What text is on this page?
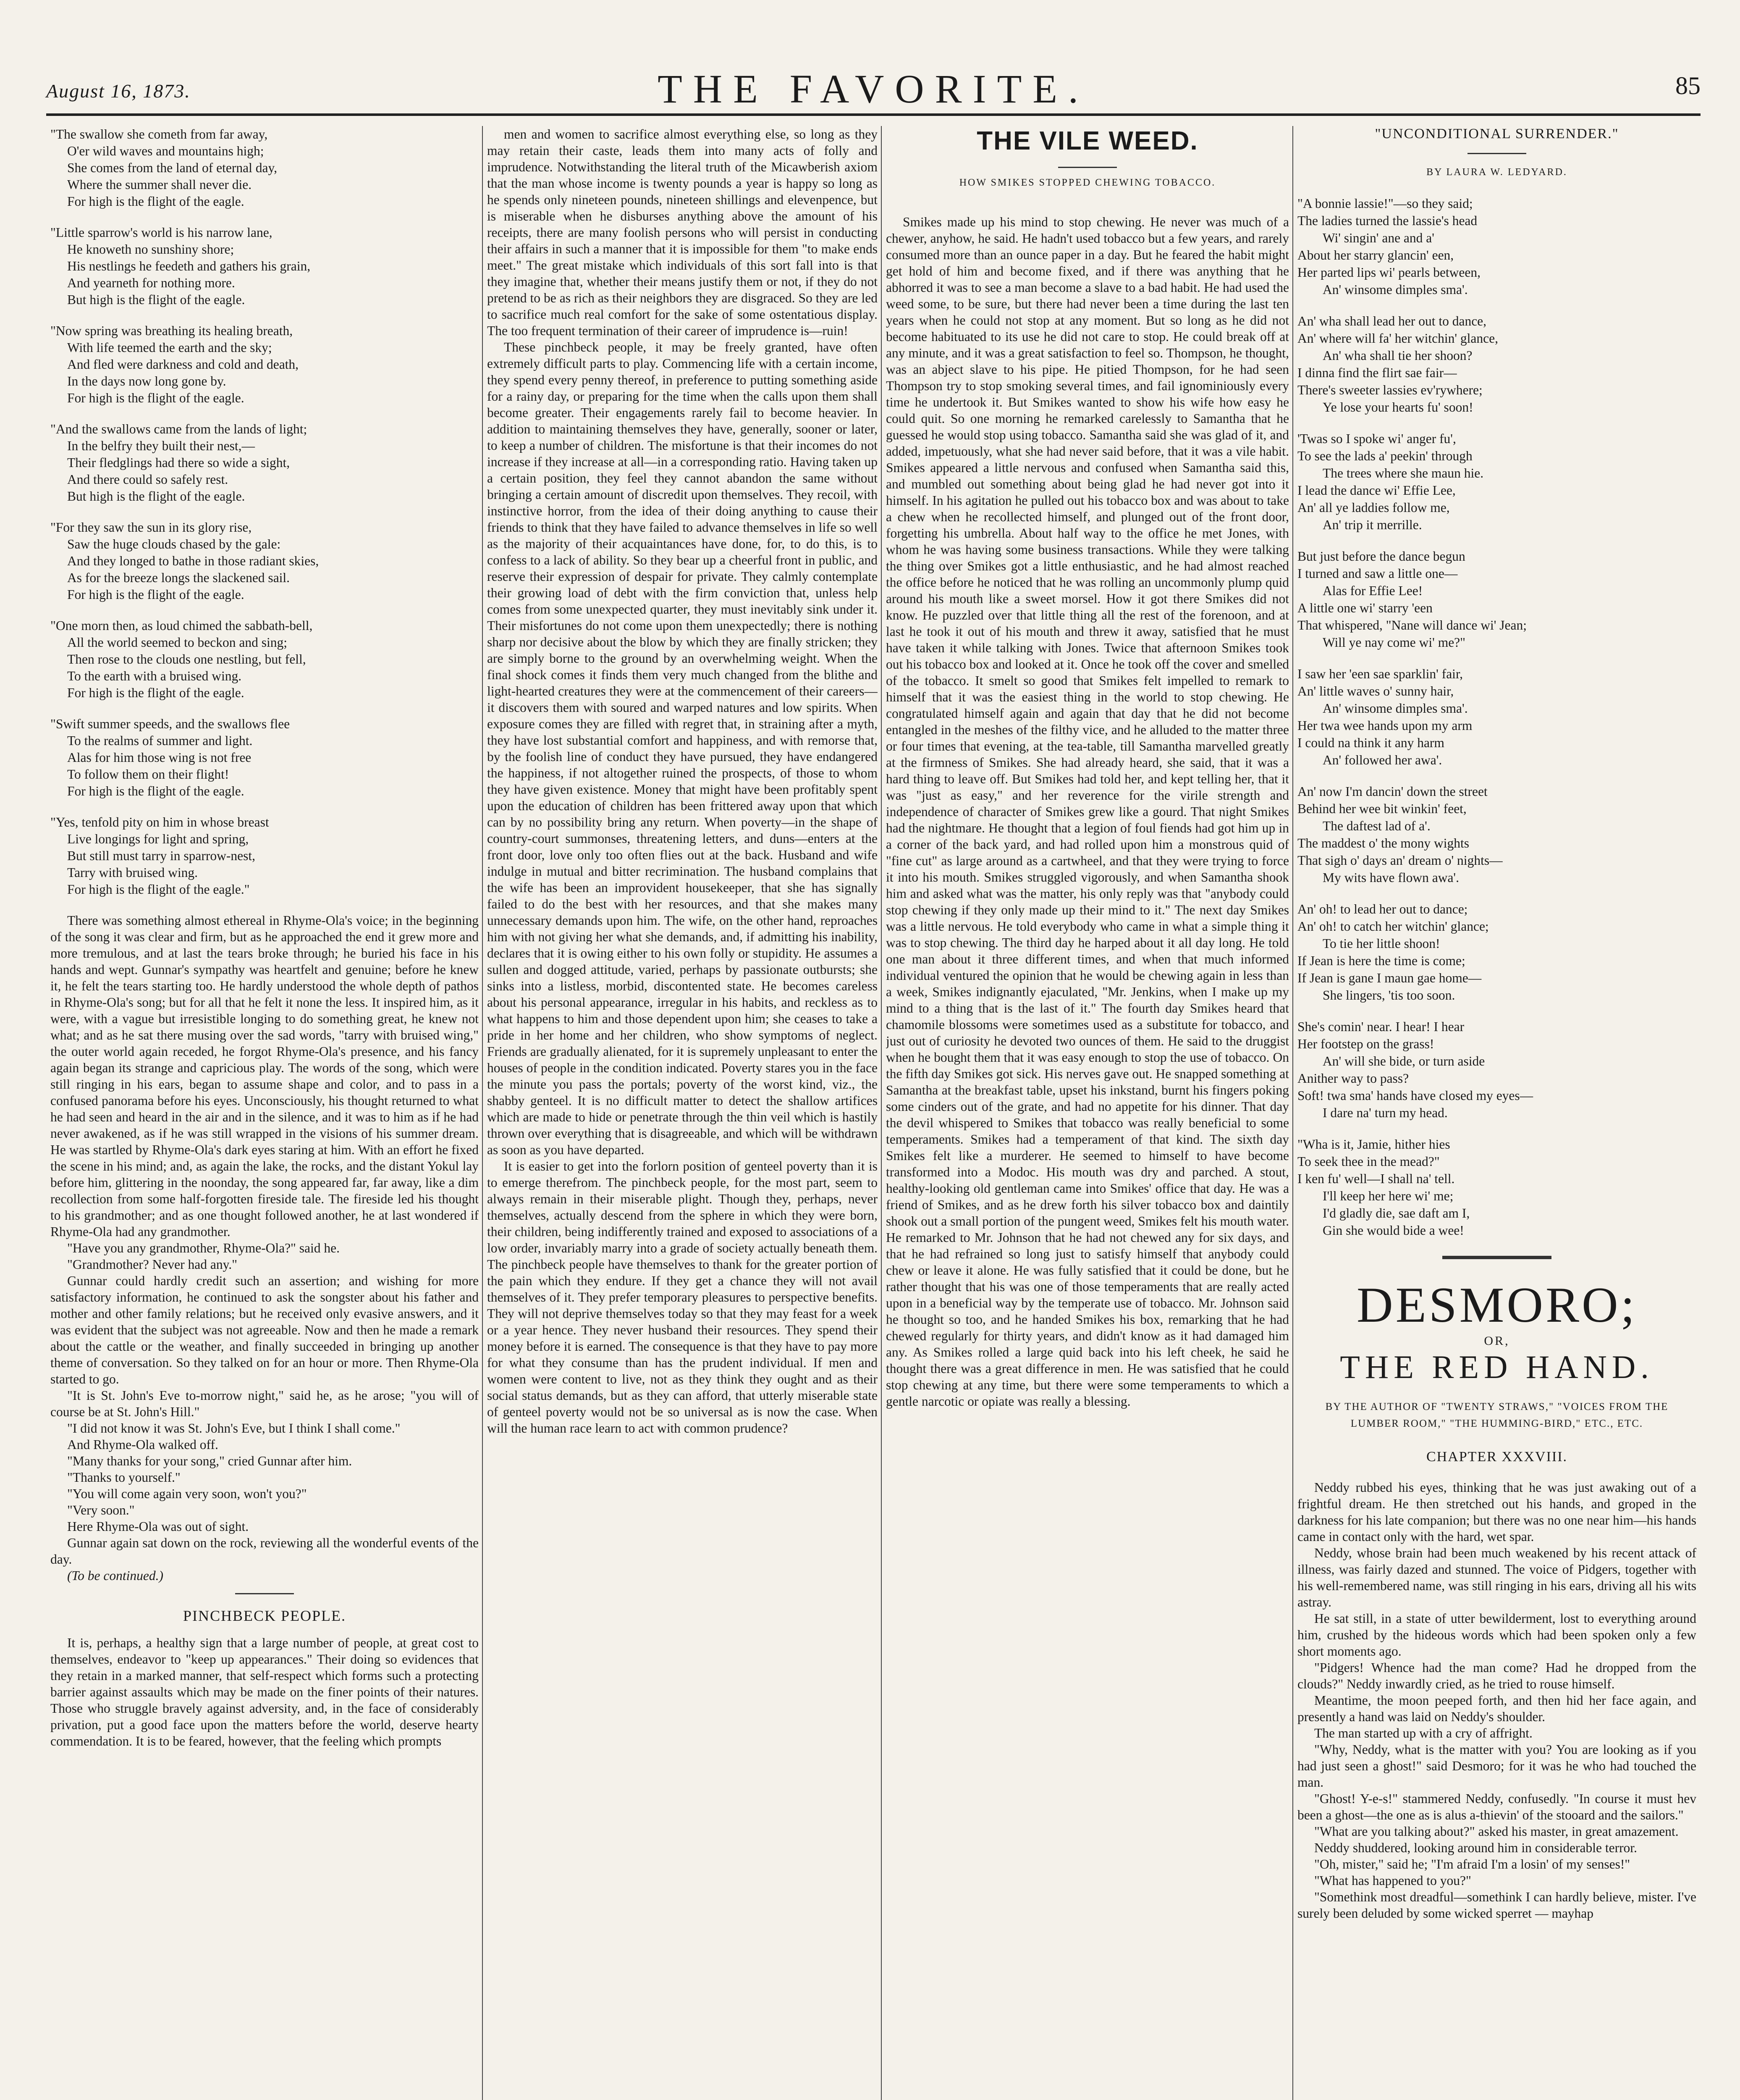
August 16, 1873.	THE FAVORITE.	85
"The swallow she cometh from far away,
O'er wild waves and mountains high;
She comes from the land of eternal day,
Where the summer shall never die.
For high is the flight of the eagle.
"Little sparrow's world is his narrow lane,
He knoweth no sunshiny shore;
His nestlings he feedeth and gathers his grain,
And yearneth for nothing more.
But high is the flight of the eagle.
"Now spring was breathing its healing breath,
With life teemed the earth and the sky;
And fled were darkness and cold and death,
In the days now long gone by.
For high is the flight of the eagle.
"And the swallows came from the lands of light;
In the belfry they built their nest,—
Their fledglings had there so wide a sight,
And there could so safely rest.
But high is the flight of the eagle.
"For they saw the sun in its glory rise,
Saw the huge clouds chased by the gale:
And they longed to bathe in those radiant skies,
As for the breeze longs the slackened sail.
For high is the flight of the eagle.
"One morn then, as loud chimed the sabbath-bell,
All the world seemed to beckon and sing;
Then rose to the clouds one nestling, but fell,
To the earth with a bruised wing.
For high is the flight of the eagle.
"Swift summer speeds, and the swallows flee
To the realms of summer and light.
Alas for him those wing is not free
To follow them on their flight!
For high is the flight of the eagle.
"Yes, tenfold pity on him in whose breast
Live longings for light and spring,
But still must tarry in sparrow-nest,
Tarry with bruised wing.
For high is the flight of the eagle."

There was something almost ethereal in Rhyme-Ola's voice; in the beginning of the song it was clear and firm, but as he approached the end it grew more and more tremulous, and at last the tears broke through; he buried his face in his hands and wept. Gunnar's sympathy was heartfelt and genuine; before he knew it, he felt the tears starting too. He hardly understood the whole depth of pathos in Rhyme-Ola's song; but for all that he felt it none the less. It inspired him, as it were, with a vague but irresistible longing to do something great, he knew not what; and as he sat there musing over the sad words, "tarry with bruised wing," the outer world again receded, he forgot Rhyme-Ola's presence, and his fancy again began its strange and capricious play. The words of the song, which were still ringing in his ears, began to assume shape and color, and to pass in a confused panorama before his eyes. Unconsciously, his thought returned to what he had seen and heard in the air and in the silence, and it was to him as if he had never awakened, as if he was still wrapped in the visions of his summer dream. He was startled by Rhyme-Ola's dark eyes staring at him. With an effort he fixed the scene in his mind; and, as again the lake, the rocks, and the distant Yokul lay before him, glittering in the noonday, the song appeared far, far away, like a dim recollection from some half-forgotten fireside tale. The fireside led his thought to his grandmother; and as one thought followed another, he at last wondered if Rhyme-Ola had any grandmother.

"Have you any grandmother, Rhyme-Ola?" said he.

"Grandmother? Never had any."

Gunnar could hardly credit such an assertion; and wishing for more satisfactory information, he continued to ask the songster about his father and mother and other family relations; but he received only evasive answers, and it was evident that the subject was not agreeable. Now and then he made a remark about the cattle or the weather, and finally succeeded in bringing up another theme of conversation. So they talked on for an hour or more. Then Rhyme-Ola started to go.

"It is St. John's Eve to-morrow night," said he, as he arose; "you will of course be at St. John's Hill."

"I did not know it was St. John's Eve, but I think I shall come."

And Rhyme-Ola walked off.

"Many thanks for your song," cried Gunnar after him.

"Thanks to yourself."

"You will come again very soon, won't you?"

"Very soon."

Here Rhyme-Ola was out of sight.

Gunnar again sat down on the rock, reviewing all the wonderful events of the day.

(To be continued.)

PINCHBECK PEOPLE.

It is, perhaps, a healthy sign that a large number of people, at great cost to themselves, endeavor to "keep up appearances." Their doing so evidences that they retain in a marked manner, that self-respect which forms such a protecting barrier against assaults which may be made on the finer points of their natures. Those who struggle bravely against adversity, and, in the face of considerably privation, put a good face upon the matters before the world, deserve hearty commendation. It is to be feared, however, that the feeling which prompts

men and women to sacrifice almost everything else, so long as they may retain their caste, leads them into many acts of folly and imprudence. Notwithstanding the literal truth of the Micawberish axiom that the man whose income is twenty pounds a year is happy so long as he spends only nineteen pounds, nineteen shillings and elevenpence, but is miserable when he disburses anything above the amount of his receipts, there are many foolish persons who will persist in conducting their affairs in such a manner that it is impossible for them "to make ends meet." The great mistake which individuals of this sort fall into is that they imagine that, whether their means justify them or not, if they do not pretend to be as rich as their neighbors they are disgraced. So they are led to sacrifice much real comfort for the sake of some ostentatious display. The too frequent termination of their career of imprudence is—ruin!

These pinchbeck people, it may be freely granted, have often extremely difficult parts to play. Commencing life with a certain income, they spend every penny thereof, in preference to putting something aside for a rainy day, or preparing for the time when the calls upon them shall become greater. Their engagements rarely fail to become heavier. In addition to maintaining themselves they have, generally, sooner or later, to keep a number of children. The misfortune is that their incomes do not increase if they increase at all—in a corresponding ratio. Having taken up a certain position, they feel they cannot abandon the same without bringing a certain amount of discredit upon themselves. They recoil, with instinctive horror, from the idea of their doing anything to cause their friends to think that they have failed to advance themselves in life so well as the majority of their acquaintances have done, for, to do this, is to confess to a lack of ability. So they bear up a cheerful front in public, and reserve their expression of despair for private. They calmly contemplate their growing load of debt with the firm conviction that, unless help comes from some unexpected quarter, they must inevitably sink under it. Their misfortunes do not come upon them unexpectedly; there is nothing sharp nor decisive about the blow by which they are finally stricken; they are simply borne to the ground by an overwhelming weight. When the final shock comes it finds them very much changed from the blithe and light-hearted creatures they were at the commencement of their careers—it discovers them with soured and warped natures and low spirits. When exposure comes they are filled with regret that, in straining after a myth, they have lost substantial comfort and happiness, and with remorse that, by the foolish line of conduct they have pursued, they have endangered the happiness, if not altogether ruined the prospects, of those to whom they have given existence. Money that might have been profitably spent upon the education of children has been frittered away upon that which can by no possibility bring any return. When poverty—in the shape of country-court summonses, threatening letters, and duns—enters at the front door, love only too often flies out at the back. Husband and wife indulge in mutual and bitter recrimination. The husband complains that the wife has been an improvident housekeeper, that she has signally failed to do the best with her resources, and that she makes many unnecessary demands upon him. The wife, on the other hand, reproaches him with not giving her what she demands, and, if admitting his inability, declares that it is owing either to his own folly or stupidity. He assumes a sullen and dogged attitude, varied, perhaps by passionate outbursts; she sinks into a listless, morbid, discontented state. He becomes careless about his personal appearance, irregular in his habits, and reckless as to what happens to him and those dependent upon him; she ceases to take a pride in her home and her children, who show symptoms of neglect. Friends are gradually alienated, for it is supremely unpleasant to enter the houses of people in the condition indicated. Poverty stares you in the face the minute you pass the portals; poverty of the worst kind, viz., the shabby genteel. It is no difficult matter to detect the shallow artifices which are made to hide or penetrate through the thin veil which is hastily thrown over everything that is disagreeable, and which will be withdrawn as soon as you have departed.

It is easier to get into the forlorn position of genteel poverty than it is to emerge therefrom. The pinchbeck people, for the most part, seem to always remain in their miserable plight. Though they, perhaps, never themselves, actually descend from the sphere in which they were born, their children, being indifferently trained and exposed to associations of a low order, invariably marry into a grade of society actually beneath them. The pinchbeck people have themselves to thank for the greater portion of the pain which they endure. If they get a chance they will not avail themselves of it. They prefer temporary pleasures to perspective benefits. They will not deprive themselves today so that they may feast for a week or a year hence. They never husband their resources. They spend their money before it is earned. The consequence is that they have to pay more for what they consume than has the prudent individual. If men and women were content to live, not as they think they ought and as their social status demands, but as they can afford, that utterly miserable state of genteel poverty would not be so universal as is now the case. When will the human race learn to act with common prudence?

THE VILE WEED.
HOW SMIKES STOPPED CHEWING TOBACCO.

Smikes made up his mind to stop chewing. He never was much of a chewer, anyhow, he said. He hadn't used tobacco but a few years, and rarely consumed more than an ounce paper in a day. But he feared the habit might get hold of him and become fixed, and if there was anything that he abhorred it was to see a man become a slave to a bad habit. He had used the weed some, to be sure, but there had never been a time during the last ten years when he could not stop at any moment. But so long as he did not become habituated to its use he did not care to stop. He could break off at any minute, and it was a great satisfaction to feel so. Thompson, he thought, was an abject slave to his pipe. He pitied Thompson, for he had seen Thompson try to stop smoking several times, and fail ignominiously every time he undertook it. But Smikes wanted to show his wife how easy he could quit. So one morning he remarked carelessly to Samantha that he guessed he would stop using tobacco. Samantha said she was glad of it, and added, impetuously, what she had never said before, that it was a vile habit. Smikes appeared a little nervous and confused when Samantha said this, and mumbled out something about being glad he had never got into it himself. In his agitation he pulled out his tobacco box and was about to take a chew when he recollected himself, and plunged out of the front door, forgetting his umbrella. About half way to the office he met Jones, with whom he was having some business transactions. While they were talking the thing over Smikes got a little enthusiastic, and he had almost reached the office before he noticed that he was rolling an uncommonly plump quid around his mouth like a sweet morsel. How it got there Smikes did not know. He puzzled over that little thing all the rest of the forenoon, and at last he took it out of his mouth and threw it away, satisfied that he must have taken it while talking with Jones. Twice that afternoon Smikes took out his tobacco box and looked at it. Once he took off the cover and smelled of the tobacco. It smelt so good that Smikes felt impelled to remark to himself that it was the easiest thing in the world to stop chewing. He congratulated himself again and again that day that he did not become entangled in the meshes of the filthy vice, and he alluded to the matter three or four times that evening, at the tea-table, till Samantha marvelled greatly at the firmness of Smikes. She had already heard, she said, that it was a hard thing to leave off. But Smikes had told her, and kept telling her, that it was "just as easy," and her reverence for the virile strength and independence of character of Smikes grew like a gourd. That night Smikes had the nightmare. He thought that a legion of foul fiends had got him up in a corner of the back yard, and had rolled upon him a monstrous quid of "fine cut" as large around as a cartwheel, and that they were trying to force it into his mouth. Smikes struggled vigorously, and when Samantha shook him and asked what was the matter, his only reply was that "anybody could stop chewing if they only made up their mind to it." The next day Smikes was a little nervous. He told everybody who came in what a simple thing it was to stop chewing. The third day he harped about it all day long. He told one man about it three different times, and when that much informed individual ventured the opinion that he would be chewing again in less than a week, Smikes indignantly ejaculated, "Mr. Jenkins, when I make up my mind to a thing that is the last of it." The fourth day Smikes heard that chamomile blossoms were sometimes used as a substitute for tobacco, and just out of curiosity he devoted two ounces of them. He said to the druggist when he bought them that it was easy enough to stop the use of tobacco. On the fifth day Smikes got sick. His nerves gave out. He snapped something at Samantha at the breakfast table, upset his inkstand, burnt his fingers poking some cinders out of the grate, and had no appetite for his dinner. That day the devil whispered to Smikes that tobacco was really beneficial to some temperaments. Smikes had a temperament of that kind. The sixth day Smikes felt like a murderer. He seemed to himself to have become transformed into a Modoc. His mouth was dry and parched. A stout, healthy-looking old gentleman came into Smikes' office that day. He was a friend of Smikes, and as he drew forth his silver tobacco box and daintily shook out a small portion of the pungent weed, Smikes felt his mouth water. He remarked to Mr. Johnson that he had not chewed any for six days, and that he had refrained so long just to satisfy himself that anybody could chew or leave it alone. He was fully satisfied that it could be done, but he rather thought that his was one of those temperaments that are really acted upon in a beneficial way by the temperate use of tobacco. Mr. Johnson said he thought so too, and he handed Smikes his box, remarking that he had chewed regularly for thirty years, and didn't know as it had damaged him any. As Smikes rolled a large quid back into his left cheek, he said he thought there was a great difference in men. He was satisfied that he could stop chewing at any time, but there were some temperaments to which a gentle narcotic or opiate was really a blessing.

"UNCONDITIONAL SURRENDER."
BY LAURA W. LEDYARD.
"A bonnie lassie!"—so they said;
The ladies turned the lassie's head
Wi' singin' ane and a'
About her starry glancin' een,
Her parted lips wi' pearls between,
An' winsome dimples sma'.
An' wha shall lead her out to dance,
An' where will fa' her witchin' glance,
An' wha shall tie her shoon?
I dinna find the flirt sae fair—
There's sweeter lassies ev'rywhere;
Ye lose your hearts fu' soon!
'Twas so I spoke wi' anger fu',
To see the lads a' peekin' through
The trees where she maun hie.
I lead the dance wi' Effie Lee,
An' all ye laddies follow me,
An' trip it merrille.
But just before the dance begun
I turned and saw a little one—
Alas for Effie Lee!
A little one wi' starry 'een
That whispered, "Nane will dance wi' Jean;
Will ye nay come wi' me?"
I saw her 'een sae sparklin' fair,
An' little waves o' sunny hair,
An' winsome dimples sma'.
Her twa wee hands upon my arm
I could na think it any harm
An' followed her awa'.
An' now I'm dancin' down the street
Behind her wee bit winkin' feet,
The daftest lad of a'.
The maddest o' the mony wights
That sigh o' days an' dream o' nights—
My wits have flown awa'.
An' oh! to lead her out to dance;
An' oh! to catch her witchin' glance;
To tie her little shoon!
If Jean is here the time is come;
If Jean is gane I maun gae home—
She lingers, 'tis too soon.
She's comin' near. I hear! I hear
Her footstep on the grass!
An' will she bide, or turn aside
Anither way to pass?
Soft! twa sma' hands have closed my eyes—
I dare na' turn my head.
"Wha is it, Jamie, hither hies
To seek thee in the mead?"
I ken fu' well—I shall na' tell.
I'll keep her here wi' me;
I'd gladly die, sae daft am I,
Gin she would bide a wee!
DESMORO;
OR,
THE RED HAND.
BY THE AUTHOR OF "TWENTY STRAWS," "VOICES FROM THE LUMBER ROOM," "THE HUMMING-BIRD," ETC., ETC.
CHAPTER XXXVIII.

Neddy rubbed his eyes, thinking that he was just awaking out of a frightful dream. He then stretched out his hands, and groped in the darkness for his late companion; but there was no one near him—his hands came in contact only with the hard, wet spar.

Neddy, whose brain had been much weakened by his recent attack of illness, was fairly dazed and stunned. The voice of Pidgers, together with his well-remembered name, was still ringing in his ears, driving all his wits astray.

He sat still, in a state of utter bewilderment, lost to everything around him, crushed by the hideous words which had been spoken only a few short moments ago.

"Pidgers! Whence had the man come? Had he dropped from the clouds?" Neddy inwardly cried, as he tried to rouse himself.

Meantime, the moon peeped forth, and then hid her face again, and presently a hand was laid on Neddy's shoulder.

The man started up with a cry of affright.

"Why, Neddy, what is the matter with you? You are looking as if you had just seen a ghost!" said Desmoro; for it was he who had touched the man.

"Ghost! Y-e-s!" stammered Neddy, confusedly. "In course it must hev been a ghost—the one as is alus a-thievin' of the stooard and the sailors."

"What are you talking about?" asked his master, in great amazement.

Neddy shuddered, looking around him in considerable terror.

"Oh, mister," said he; "I'm afraid I'm a losin' of my senses!"

"What has happened to you?"

"Somethink most dreadful—somethink I can hardly believe, mister. I've surely been deluded by some wicked sperret — mayhap
